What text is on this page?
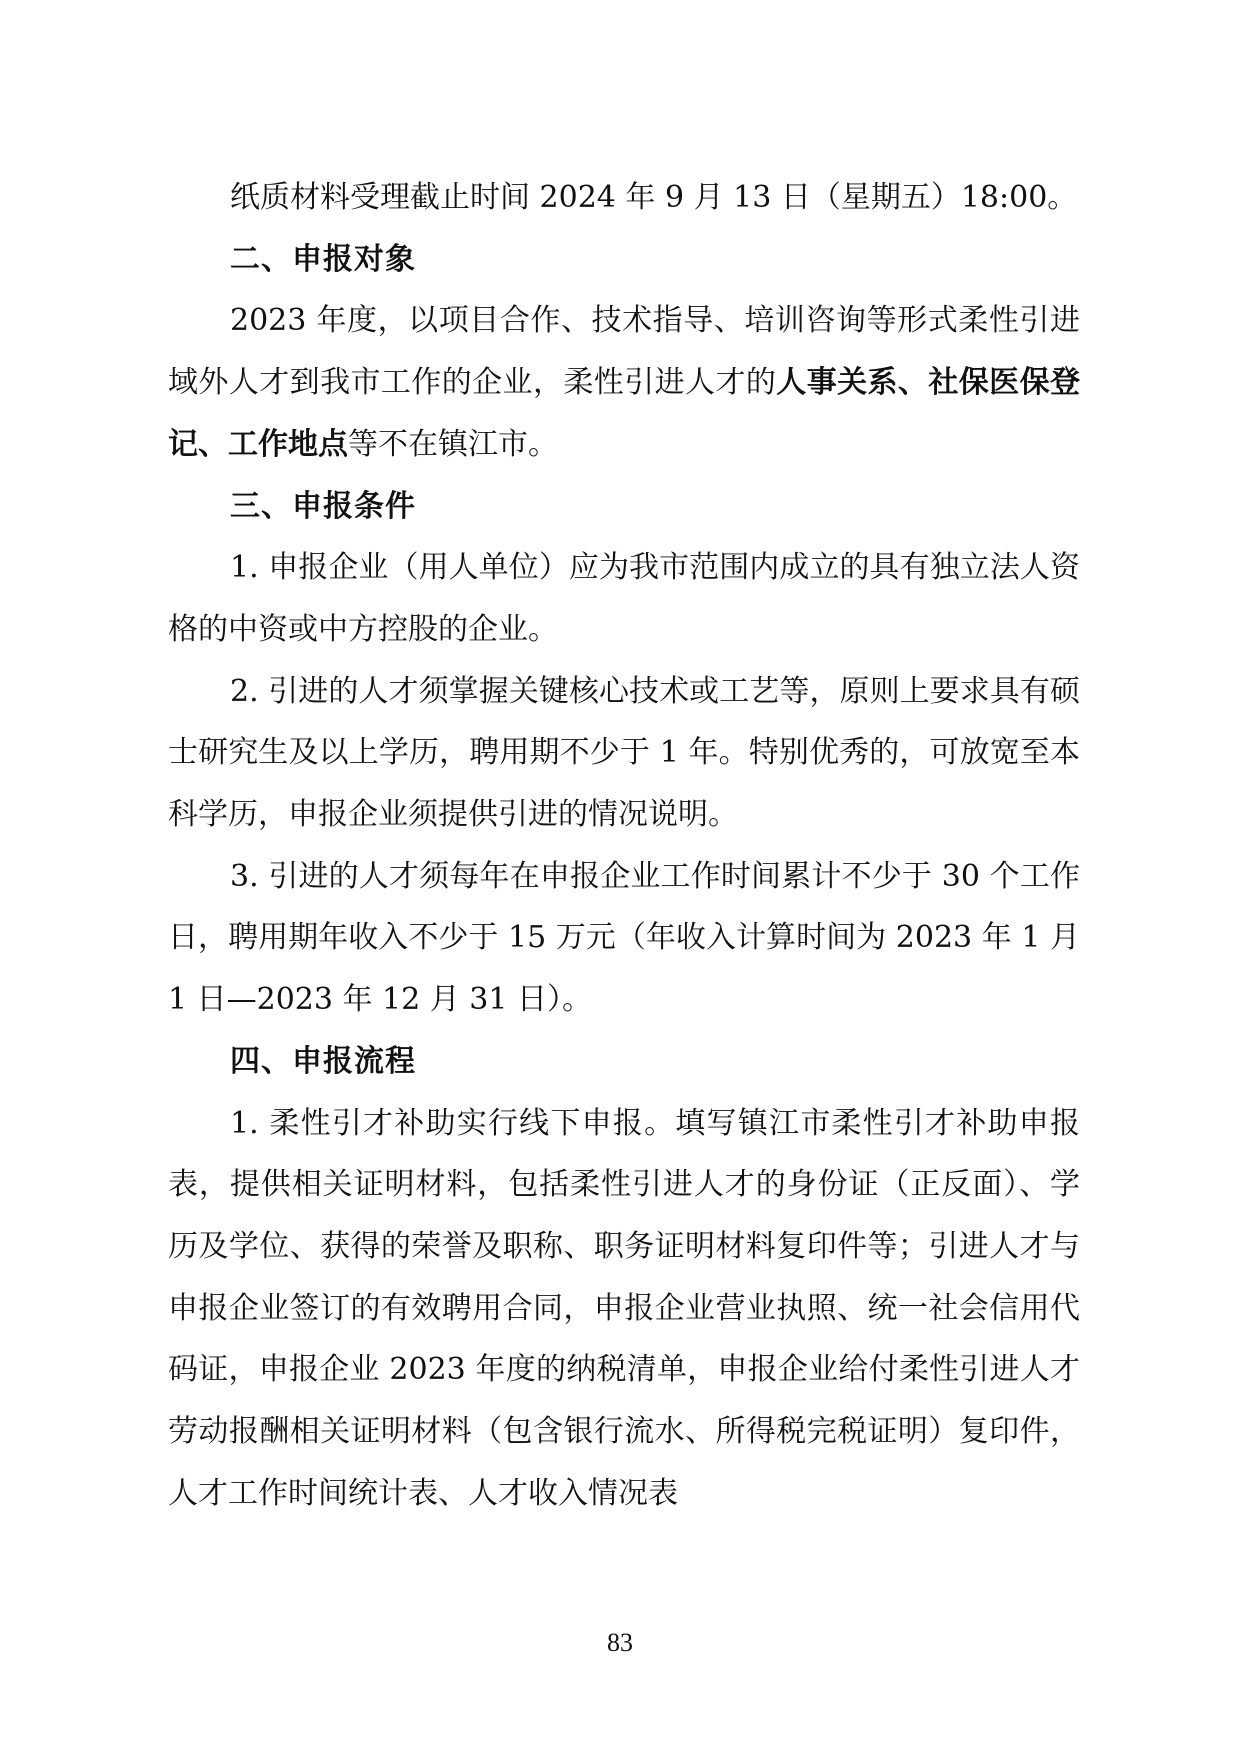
纸质材料受理截止时间 2024 年 9 月 13 日（星期五）18:00。

二、申报对象

2023 年度，以项目合作、技术指导、培训咨询等形式柔性引进域外人才到我市工作的企业，柔性引进人才的人事关系、社保医保登记、工作地点等不在镇江市。

三、申报条件

1. 申报企业（用人单位）应为我市范围内成立的具有独立法人资格的中资或中方控股的企业。

2. 引进的人才须掌握关键核心技术或工艺等，原则上要求具有硕士研究生及以上学历，聘用期不少于 1 年。特别优秀的，可放宽至本科学历，申报企业须提供引进的情况说明。

3. 引进的人才须每年在申报企业工作时间累计不少于 30 个工作日，聘用期年收入不少于 15 万元（年收入计算时间为 2023 年 1 月 1 日—2023 年 12 月 31 日）。

四、申报流程

1. 柔性引才补助实行线下申报。填写镇江市柔性引才补助申报表，提供相关证明材料，包括柔性引进人才的身份证（正反面）、学历及学位、获得的荣誉及职称、职务证明材料复印件等；引进人才与申报企业签订的有效聘用合同，申报企业营业执照、统一社会信用代码证，申报企业 2023 年度的纳税清单，申报企业给付柔性引进人才劳动报酬相关证明材料（包含银行流水、所得税完税证明）复印件，人才工作时间统计表、人才收入情况表

83
